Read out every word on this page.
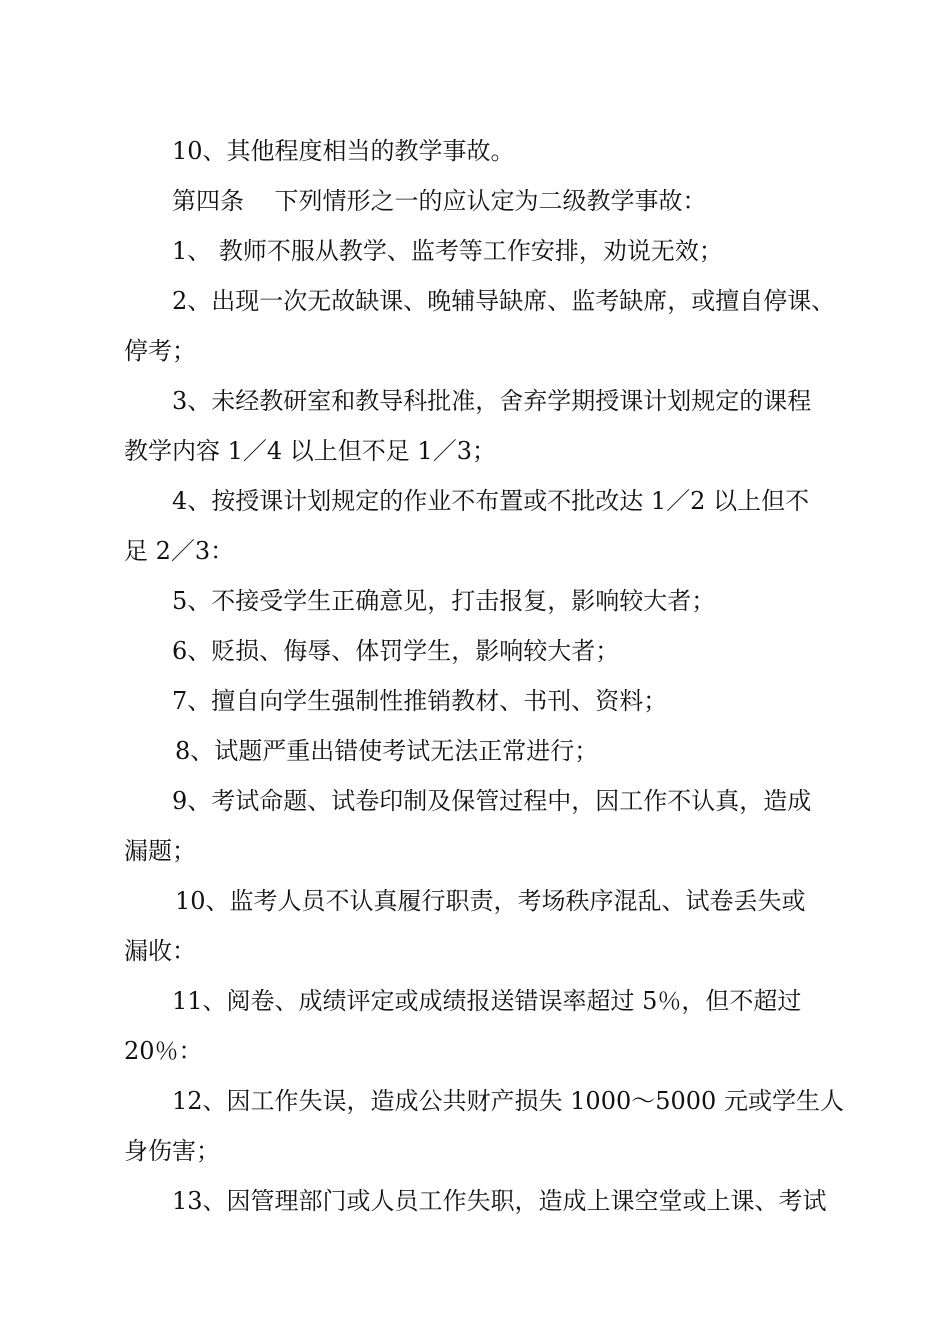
10、其他程度相当的教学事故。
第四条    下列情形之一的应认定为二级教学事故：
1、 教师不服从教学、监考等工作安排，劝说无效；
2、出现一次无故缺课、晚辅导缺席、监考缺席，或擅自停课、
停考；
3、未经教研室和教导科批准，舍弃学期授课计划规定的课程
教学内容 1／4 以上但不足 1／3；
4、按授课计划规定的作业不布置或不批改达 1／2 以上但不
足 2／3：
5、不接受学生正确意见，打击报复，影响较大者；
6、贬损、侮辱、体罚学生，影响较大者；
7、擅自向学生强制性推销教材、书刊、资料；
8、试题严重出错使考试无法正常进行；
9、考试命题、试卷印制及保管过程中，因工作不认真，造成
漏题；
10、监考人员不认真履行职责，考场秩序混乱、试卷丢失或
漏收：
11、阅卷、成绩评定或成绩报送错误率超过 5％，但不超过
20％：
12、因工作失误，造成公共财产损失 1000～5000 元或学生人
身伤害；
13、因管理部门或人员工作失职，造成上课空堂或上课、考试
